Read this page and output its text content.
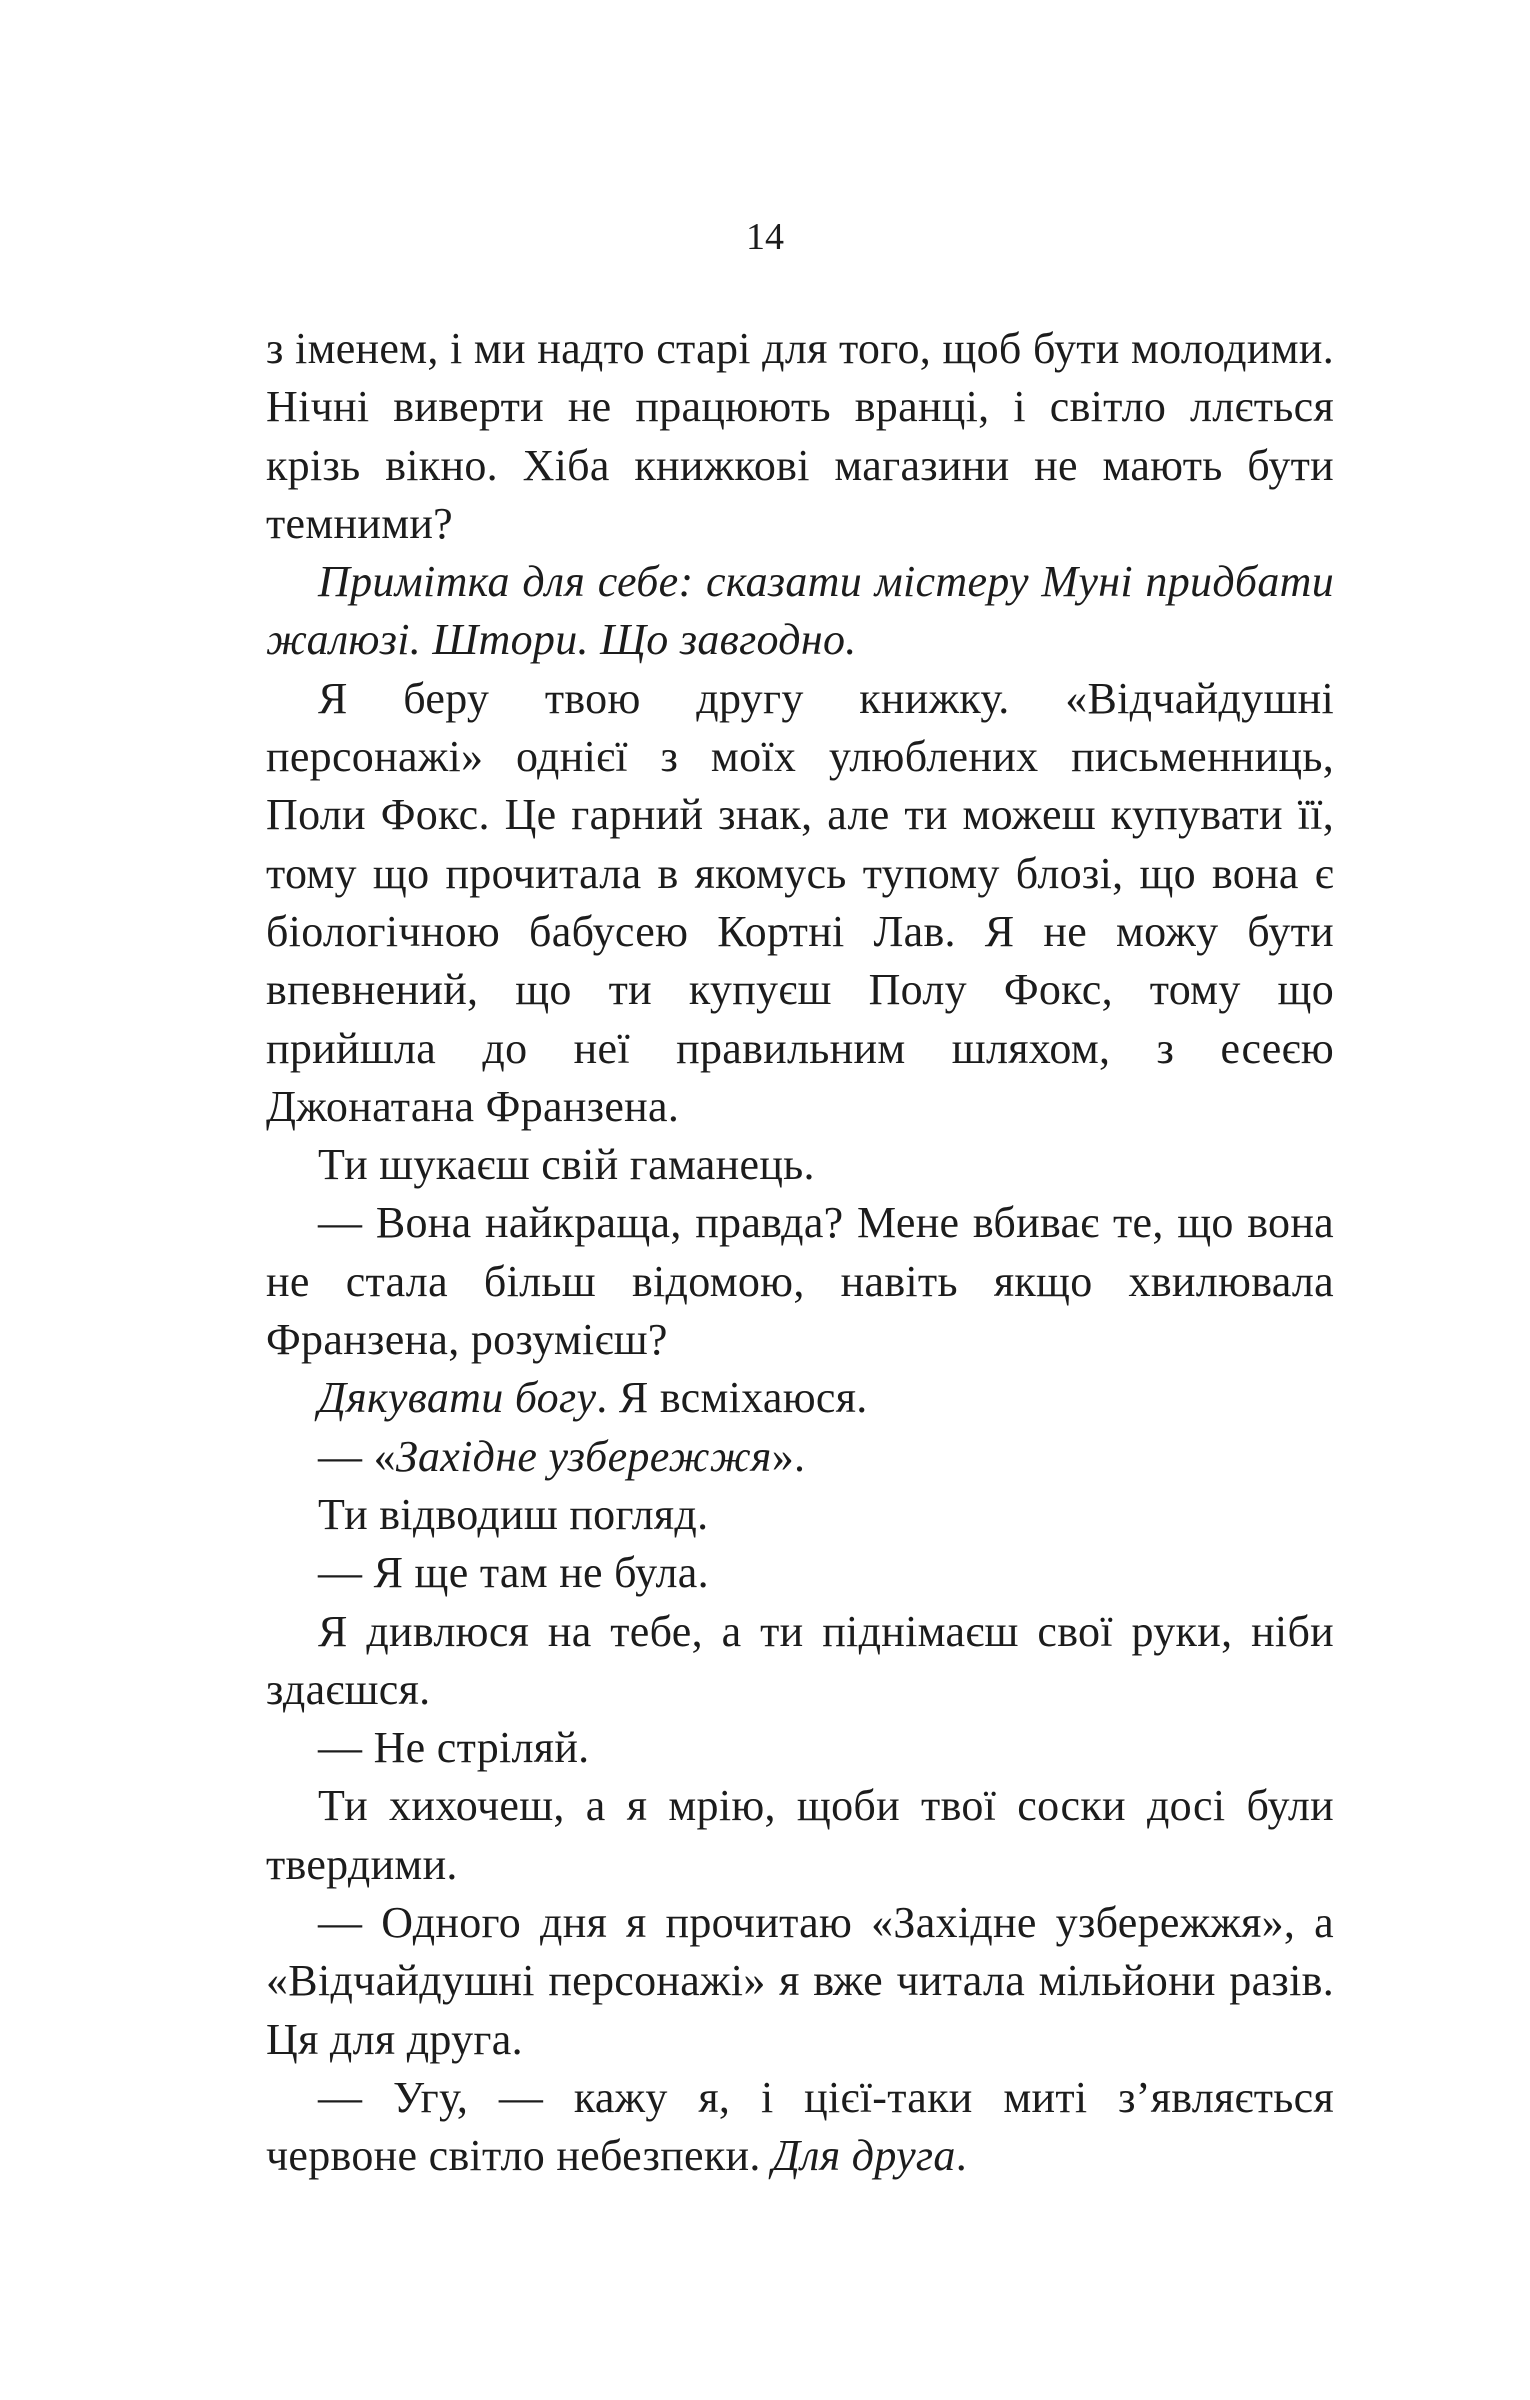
14

з іменем, і ми надто старі для того, щоб бути молодими. Нічні виверти не працюють вранці, і світло ллється крізь вікно. Хіба книжкові магазини не мають бути темними?

Примітка для себе: сказати містеру Муні придбати жалюзі. Штори. Що завгодно.

Я беру твою другу книжку. «Відчайдушні персонажі» однієї з моїх улюблених письменниць, Поли Фокс. Це гарний знак, але ти можеш купувати її, тому що прочитала в якомусь тупому блозі, що вона є біологічною бабусею Кортні Лав. Я не можу бути впевнений, що ти купуєш Полу Фокс, тому що прийшла до неї правильним шляхом, з есеєю Джонатана Франзена.

Ти шукаєш свій гаманець.

— Вона найкраща, правда? Мене вбиває те, що вона не стала більш відомою, навіть якщо хвилювала Франзена, розумієш?

Дякувати богу. Я всміхаюся.

— «Західне узбережжя».

Ти відводиш погляд.

— Я ще там не була.

Я дивлюся на тебе, а ти піднімаєш свої руки, ніби здаєшся.

— Не стріляй.

Ти хихочеш, а я мрію, щоби твої соски досі були твердими.

— Одного дня я прочитаю «Західне узбережжя», а «Відчайдушні персонажі» я вже читала мільйони разів. Ця для друга.

— Угу, — кажу я, і цієї-таки миті з’являється червоне світло небезпеки. Для друга.
